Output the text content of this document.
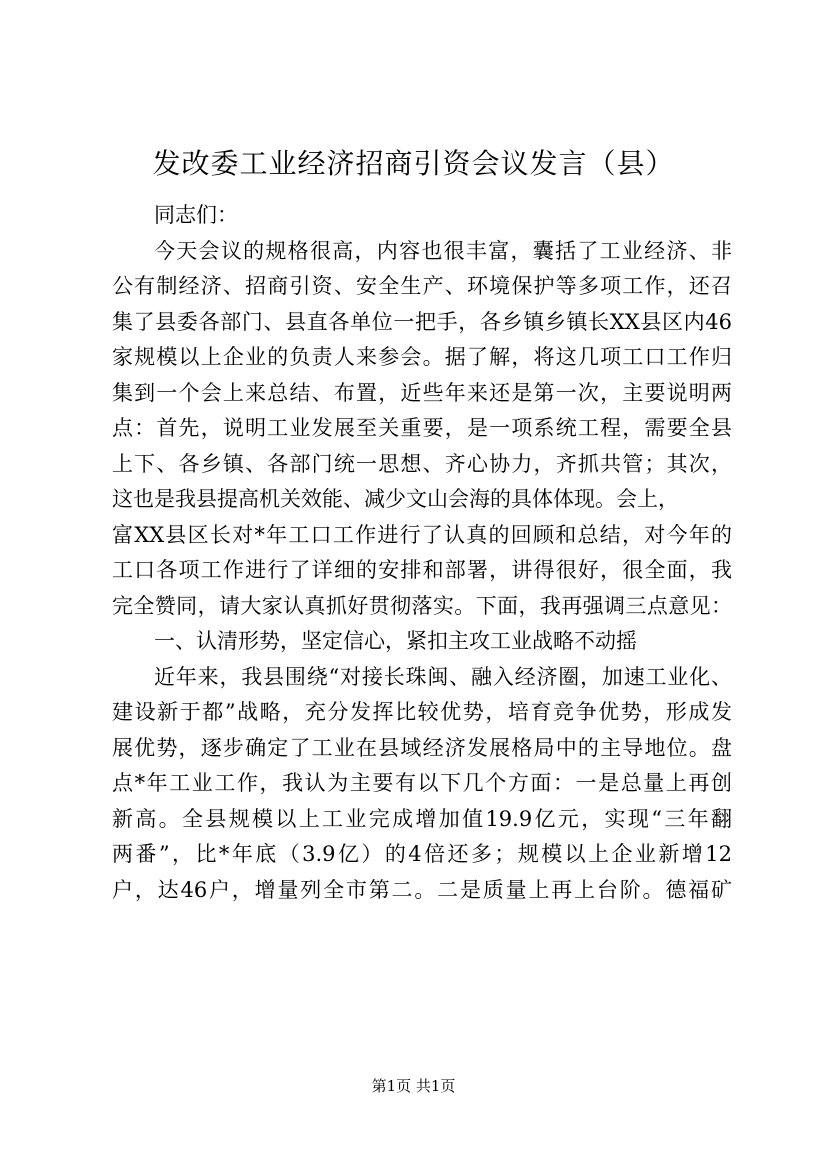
发改委工业经济招商引资会议发言（县）
同志们：
今天会议的规格很高，内容也很丰富，囊括了工业经济、非
公有制经济、招商引资、安全生产、环境保护等多项工作，还召
集了县委各部门、县直各单位一把手，各乡镇乡镇长XX县区内46
家规模以上企业的负责人来参会。据了解，将这几项工口工作归
集到一个会上来总结、布置，近些年来还是第一次，主要说明两
点：首先，说明工业发展至关重要，是一项系统工程，需要全县
上下、各乡镇、各部门统一思想、齐心协力，齐抓共管；其次，
这也是我县提高机关效能、减少文山会海的具体体现。会上，
富XX县区长对*年工口工作进行了认真的回顾和总结，对今年的
工口各项工作进行了详细的安排和部署，讲得很好，很全面，我
完全赞同，请大家认真抓好贯彻落实。下面，我再强调三点意见：
一、认清形势，坚定信心，紧扣主攻工业战略不动摇
近年来，我县围绕“对接长珠闽、融入经济圈，加速工业化、
建设新于都”战略，充分发挥比较优势，培育竞争优势，形成发
展优势，逐步确定了工业在县域经济发展格局中的主导地位。盘
点*年工业工作，我认为主要有以下几个方面：一是总量上再创
新高。全县规模以上工业完成增加值19.9亿元，实现“三年翻
两番”，比*年底（3.9亿）的4倍还多；规模以上企业新增12
户，达46户，增量列全市第二。二是质量上再上台阶。德福矿
第1页 共1页
